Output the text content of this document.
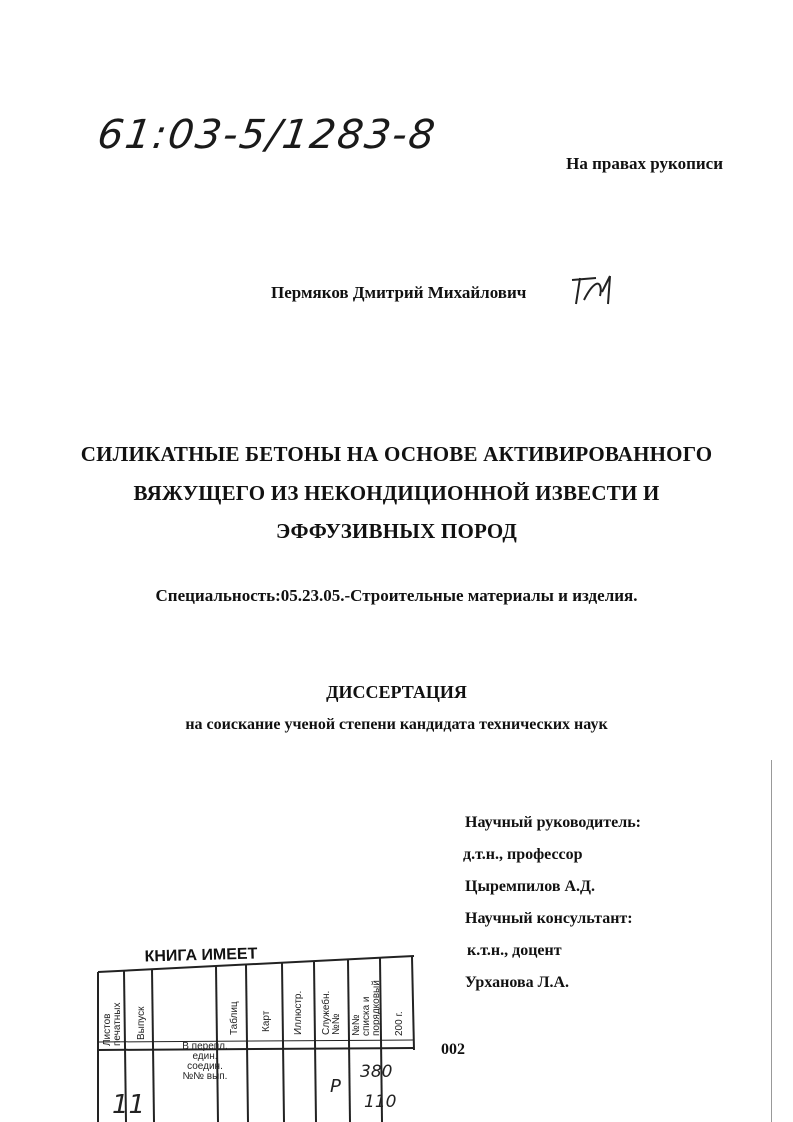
61:03-5/1283-8
На правах рукописи
Пермяков Дмитрий Михайлович
СИЛИКАТНЫЕ БЕТОНЫ НА ОСНОВЕ АКТИВИРОВАННОГО
ВЯЖУЩЕГО ИЗ НЕКОНДИЦИОННОЙ ИЗВЕСТИ И
ЭФФУЗИВНЫХ ПОРОД
Специальность:05.23.05.-Строительные материалы и изделия.
ДИССЕРТАЦИЯ
на соискание ученой степени кандидата технических наук
Научный руководитель:
д.т.н., профессор
Цыремпилов А.Д.
Научный консультант:
к.т.н., доцент
Урханова Л.А.
002
КНИГА ИМЕЕТ
Листов
печатных Выпуск
В перепл.
един. соедин.
№№ вып.
Таблиц Карт Иллюстр. Служебн.
№№ №№
списка и
порядковый 200 г.
11
Р
380
110
